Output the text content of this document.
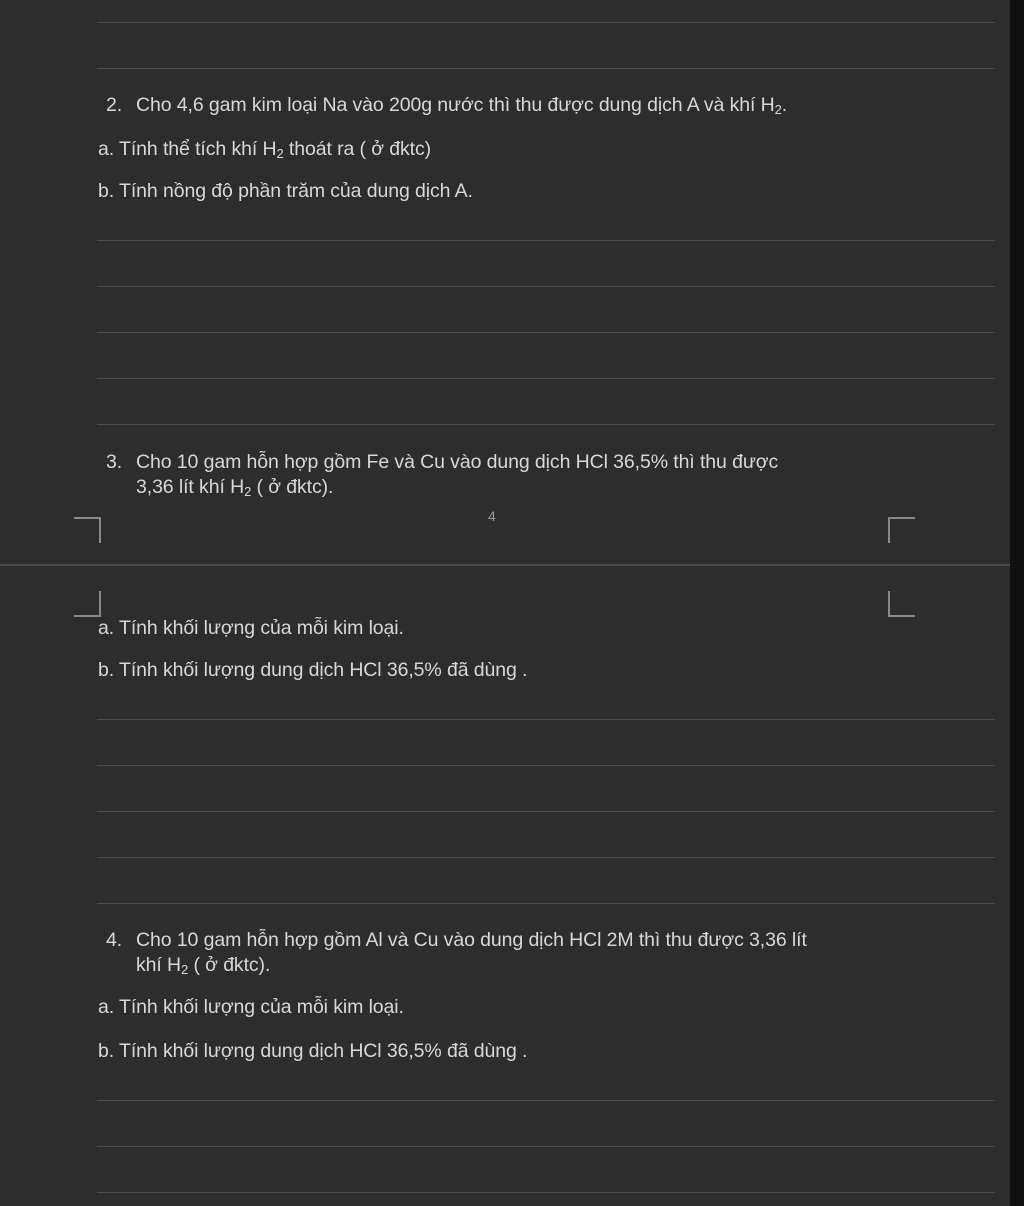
2. Cho 4,6 gam kim loại Na vào 200g nước thì thu được dung dịch A và khí $H_2$.
a. Tính thể tích khí $H_2$ thoát ra ( ở đktc)
b. Tính nồng độ phần trăm của dung dịch A.
3. Cho 10 gam hỗn hợp gồm Fe và Cu vào dung dịch HCl 36,5% thì thu được
3,36 lít khí $H_2$ ( ở đktc).
4
a. Tính khối lượng của mỗi kim loại.
b. Tính khối lượng dung dịch HCl 36,5% đã dùng .
4. Cho 10 gam hỗn hợp gồm Al và Cu vào dung dịch HCl 2M thì thu được 3,36 lít
khí $H_2$ ( ở đktc).
a. Tính khối lượng của mỗi kim loại.
b. Tính khối lượng dung dịch HCl 36,5% đã dùng .
